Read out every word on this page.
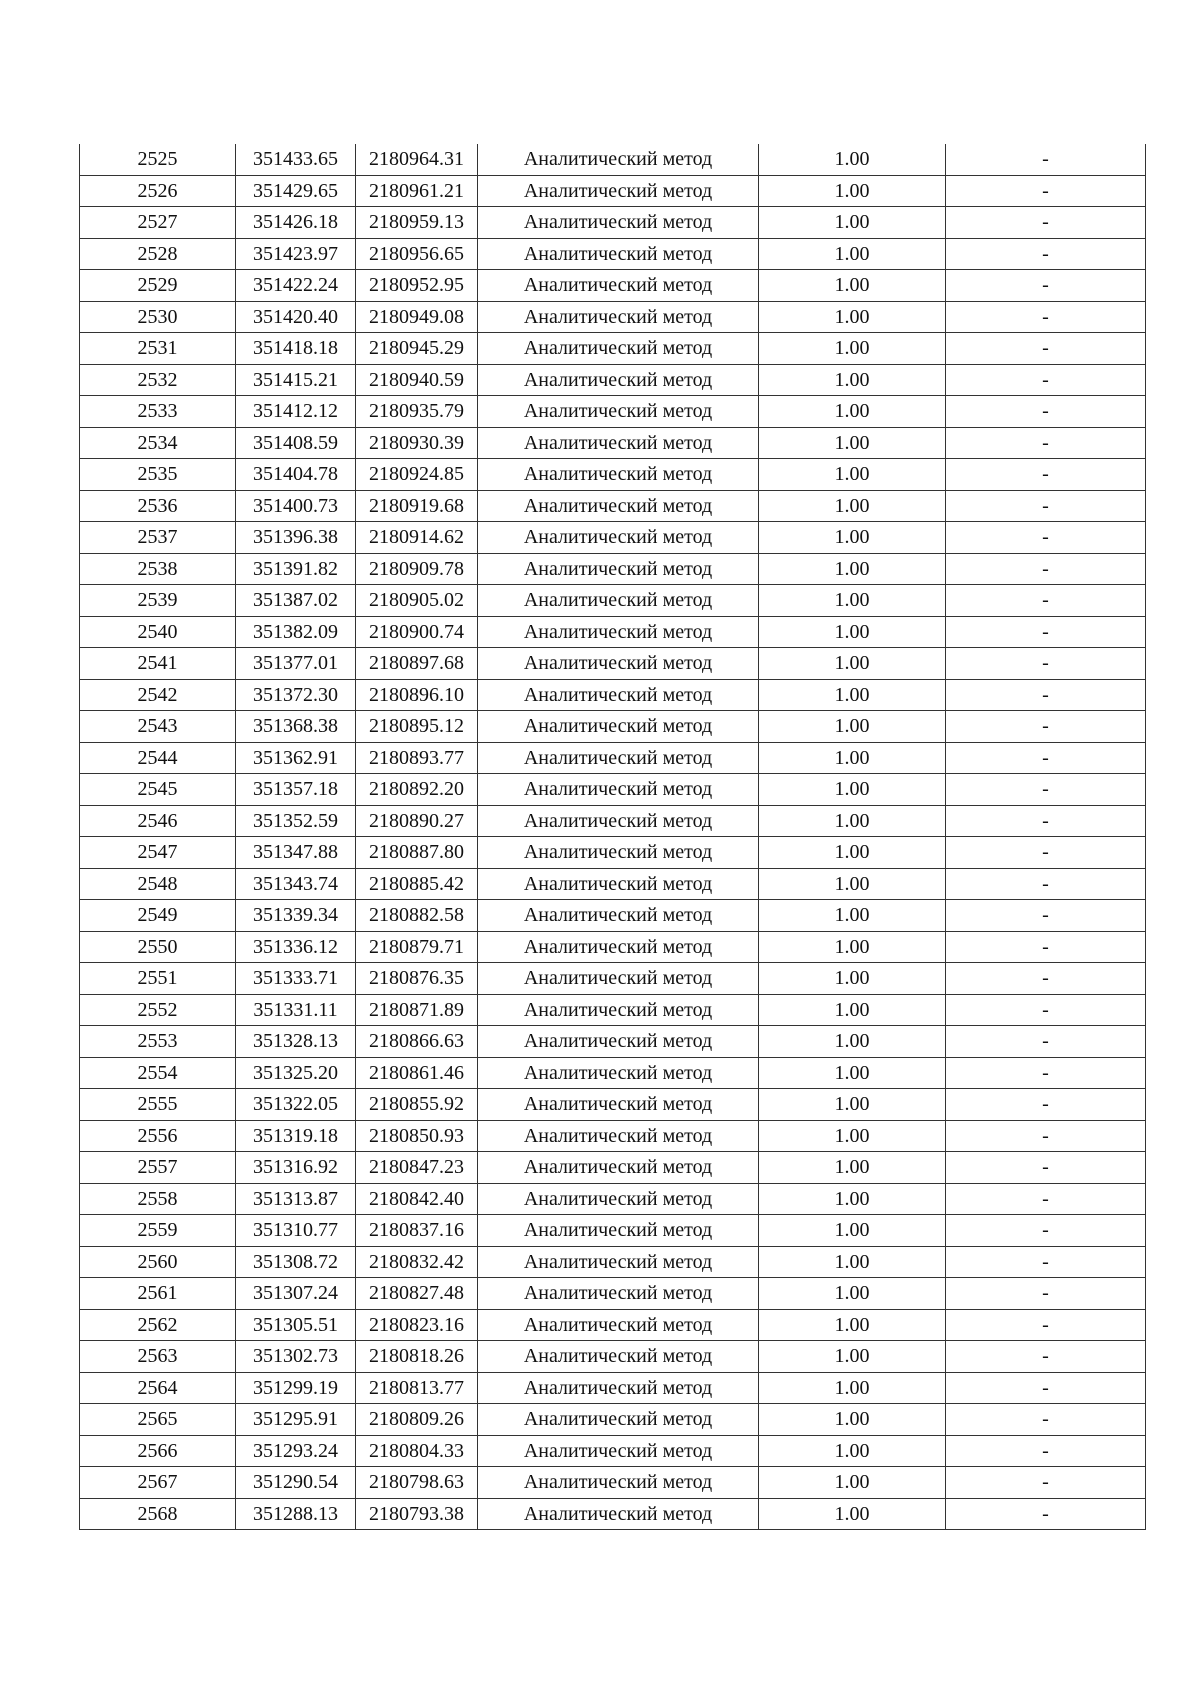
2525	351433.65	2180964.31	Аналитический метод	1.00	-
2526	351429.65	2180961.21	Аналитический метод	1.00	-
2527	351426.18	2180959.13	Аналитический метод	1.00	-
2528	351423.97	2180956.65	Аналитический метод	1.00	-
2529	351422.24	2180952.95	Аналитический метод	1.00	-
2530	351420.40	2180949.08	Аналитический метод	1.00	-
2531	351418.18	2180945.29	Аналитический метод	1.00	-
2532	351415.21	2180940.59	Аналитический метод	1.00	-
2533	351412.12	2180935.79	Аналитический метод	1.00	-
2534	351408.59	2180930.39	Аналитический метод	1.00	-
2535	351404.78	2180924.85	Аналитический метод	1.00	-
2536	351400.73	2180919.68	Аналитический метод	1.00	-
2537	351396.38	2180914.62	Аналитический метод	1.00	-
2538	351391.82	2180909.78	Аналитический метод	1.00	-
2539	351387.02	2180905.02	Аналитический метод	1.00	-
2540	351382.09	2180900.74	Аналитический метод	1.00	-
2541	351377.01	2180897.68	Аналитический метод	1.00	-
2542	351372.30	2180896.10	Аналитический метод	1.00	-
2543	351368.38	2180895.12	Аналитический метод	1.00	-
2544	351362.91	2180893.77	Аналитический метод	1.00	-
2545	351357.18	2180892.20	Аналитический метод	1.00	-
2546	351352.59	2180890.27	Аналитический метод	1.00	-
2547	351347.88	2180887.80	Аналитический метод	1.00	-
2548	351343.74	2180885.42	Аналитический метод	1.00	-
2549	351339.34	2180882.58	Аналитический метод	1.00	-
2550	351336.12	2180879.71	Аналитический метод	1.00	-
2551	351333.71	2180876.35	Аналитический метод	1.00	-
2552	351331.11	2180871.89	Аналитический метод	1.00	-
2553	351328.13	2180866.63	Аналитический метод	1.00	-
2554	351325.20	2180861.46	Аналитический метод	1.00	-
2555	351322.05	2180855.92	Аналитический метод	1.00	-
2556	351319.18	2180850.93	Аналитический метод	1.00	-
2557	351316.92	2180847.23	Аналитический метод	1.00	-
2558	351313.87	2180842.40	Аналитический метод	1.00	-
2559	351310.77	2180837.16	Аналитический метод	1.00	-
2560	351308.72	2180832.42	Аналитический метод	1.00	-
2561	351307.24	2180827.48	Аналитический метод	1.00	-
2562	351305.51	2180823.16	Аналитический метод	1.00	-
2563	351302.73	2180818.26	Аналитический метод	1.00	-
2564	351299.19	2180813.77	Аналитический метод	1.00	-
2565	351295.91	2180809.26	Аналитический метод	1.00	-
2566	351293.24	2180804.33	Аналитический метод	1.00	-
2567	351290.54	2180798.63	Аналитический метод	1.00	-
2568	351288.13	2180793.38	Аналитический метод	1.00	-
